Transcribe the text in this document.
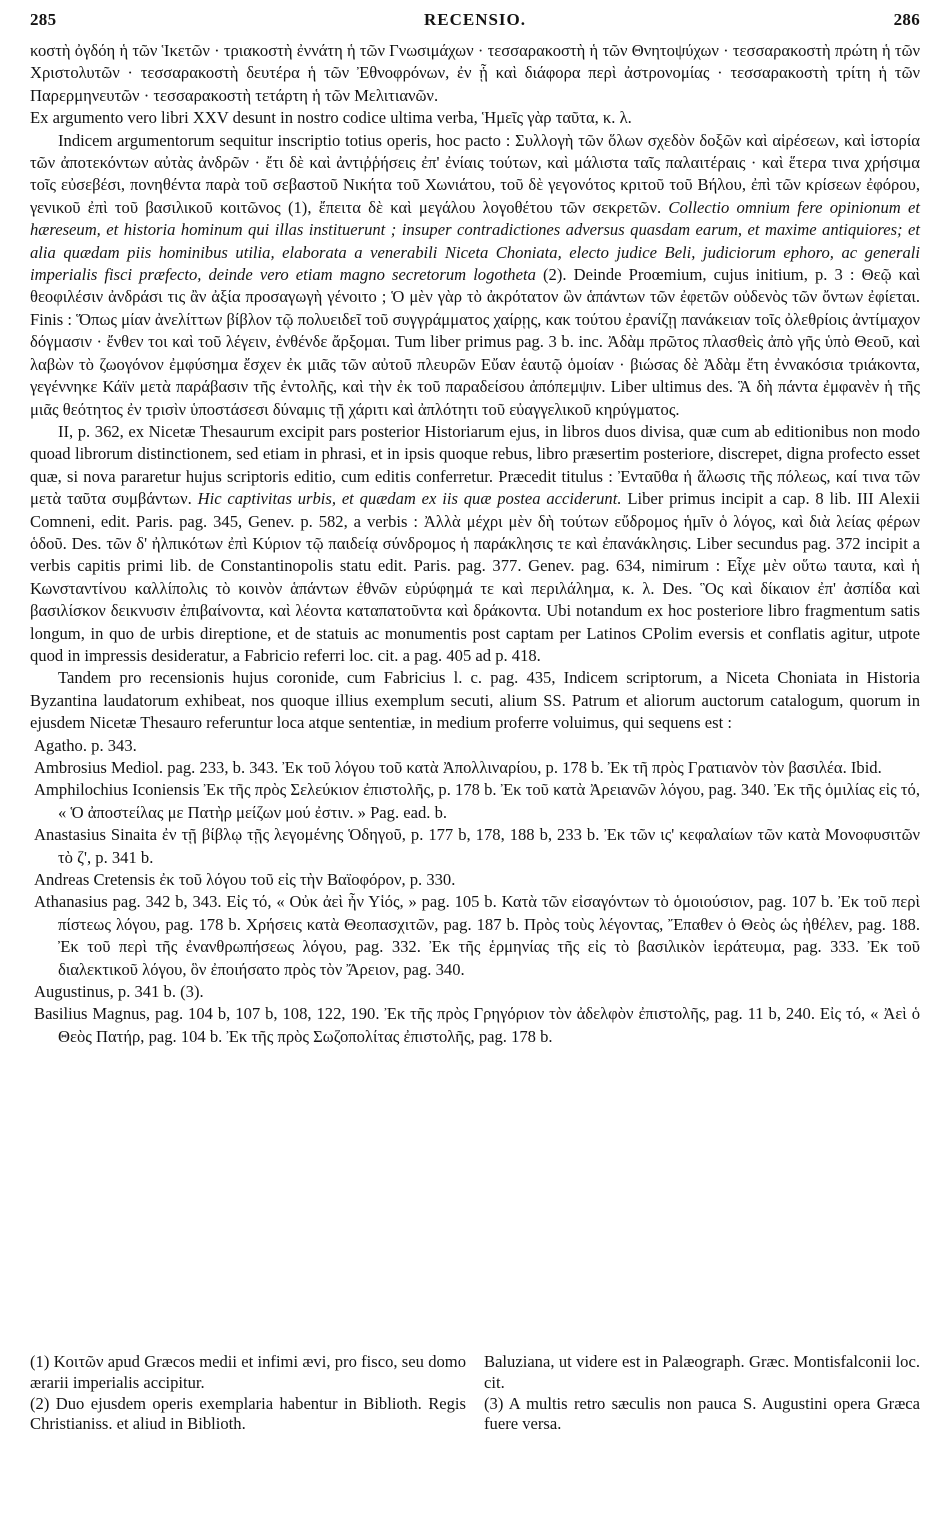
285	RECENSIO.	286

κοστὴ ὀγδόη ἡ τῶν Ἱκετῶν · τριακοστὴ ἐννάτη ἡ τῶν Γνωσιμάχων · τεσσαρακοστὴ ἡ τῶν Θνητοψύχων · τεσσαρακοστὴ πρώτη ἡ τῶν Χριστολυτῶν · τεσσαρακοστὴ δευτέρα ἡ τῶν Ἐθνοφρόνων, ἐν ᾗ καὶ διάφορα περὶ ἀστρονομίας · τεσσαρακοστὴ τρίτη ἡ τῶν Παρερμηνευτῶν · τεσσαρακοστὴ τετάρτη ἡ τῶν Μελιτιανῶν.

Ex argumento vero libri XXV desunt in nostro codice ultima verba, Ἡμεῖς γὰρ ταῦτα, κ. λ.

Indicem argumentorum sequitur inscriptio totius operis, hoc pacto : Συλλογὴ τῶν ὅλων σχεδὸν δοξῶν καὶ αἱρέσεων, καὶ ἱστορία τῶν ἀποτεκόντων αὐτὰς ἀνδρῶν · ἔτι δὲ καὶ ἀντιῤῥήσεις ἐπ' ἐνίαις τούτων, καὶ μάλιστα ταῖς παλαιτέραις · καὶ ἕτερα τινα χρήσιμα τοῖς εὐσεβέσι, πονηθέντα παρὰ τοῦ σεβαστοῦ Νικήτα τοῦ Χωνιάτου, τοῦ δὲ γεγονότος κριτοῦ τοῦ Βήλου, ἐπὶ τῶν κρίσεων ἐφόρου, γενικοῦ ἐπὶ τοῦ βασιλικοῦ κοιτῶνος (1), ἔπειτα δὲ καὶ μεγάλου λογοθέτου τῶν σεκρετῶν. Collectio omnium fere opinionum et hæreseum, et historia hominum qui illas instituerunt ; insuper contradictiones adversus quasdam earum, et maxime antiquiores; et alia quædam piis hominibus utilia, elaborata a venerabili Niceta Choniata, electo judice Beli, judiciorum ephoro, ac generali imperialis fisci præfecto, deinde vero etiam magno secretorum logotheta (2). Deinde Proœmium, cujus initium, p. 3 : Θεῷ καὶ θεοφιλέσιν ἀνδράσι τις ἂν ἀξία προσαγωγὴ γένοιτο ; Ὁ μὲν γὰρ τὸ ἀκρότατον ὢν ἁπάντων τῶν ἐφετῶν οὐδενὸς τῶν ὄντων ἐφίεται. Finis : Ὅπως μίαν ἀνελίττων βίβλον τῷ πολυειδεῖ τοῦ συγγράμματος χαίρῃς, κακ τούτου ἐρανίζῃ πανάκειαν τοῖς ὀλεθρίοις ἀντίμαχον δόγμασιν · ἔνθεν τοι καὶ τοῦ λέγειν, ἐνθένδε ἄρξομαι. Tum liber primus pag. 3 b. inc. Ἀδὰμ πρῶτος πλασθεὶς ἀπὸ γῆς ὑπὸ Θεοῦ, καὶ λαβὼν τὸ ζωογόνον ἐμφύσημα ἔσχεν ἐκ μιᾶς τῶν αὐτοῦ πλευρῶν Εὔαν ἑαυτῷ ὁμοίαν · βιώσας δὲ Ἀδὰμ ἔτη ἐννακόσια τριάκοντα, γεγέννηκε Κάϊν μετὰ παράβασιν τῆς ἐντολῆς, καὶ τὴν ἐκ τοῦ παραδείσου ἀπόπεμψιν. Liber ultimus des. Ἃ δὴ πάντα ἐμφανὲν ἡ τῆς μιᾶς θεότητος ἐν τρισὶν ὑποστάσεσι δύναμις τῇ χάριτι καὶ ἀπλότητι τοῦ εὐαγγελικοῦ κηρύγματος.

II, p. 362, ex Nicetæ Thesaurum excipit pars posterior Historiarum ejus, in libros duos divisa, quæ cum ab editionibus non modo quoad librorum distinctionem, sed etiam in phrasi, et in ipsis quoque rebus, libro præsertim posteriore, discrepet, digna profecto esset quæ, si nova pararetur hujus scriptoris editio, cum editis conferretur. Præcedit titulus : Ἐνταῦθα ἡ ἅλωσις τῆς πόλεως, καί τινα τῶν μετὰ ταῦτα συμβάντων. Hic captivitas urbis, et quædam ex iis quæ postea acciderunt. Liber primus incipit a cap. 8 lib. III Alexii Comneni, edit. Paris. pag. 345, Genev. p. 582, a verbis : Ἀλλὰ μέχρι μὲν δὴ τούτων εὔδρομος ἡμῖν ὁ λόγος, καὶ διὰ λείας φέρων ὁδοῦ. Des. τῶν δ' ἠλπικότων ἐπὶ Κύριον τῷ παιδείᾳ σύνδρομος ἡ παράκλησις τε καὶ ἐπανάκλησις. Liber secundus pag. 372 incipit a verbis capitis primi lib. de Constantinopolis statu edit. Paris. pag. 377. Genev. pag. 634, nimirum : Εἶχε μὲν οὕτω ταυτα, καὶ ἡ Κωνσταντίνου καλλίπολις τὸ κοινὸν ἁπάντων ἐθνῶν εὐρύφημά τε καὶ περιλάλημα, κ. λ. Des. Ὃς καὶ δίκαιον ἐπ' ἀσπίδα καὶ βασιλίσκον δεικνυσιν ἐπιβαίνοντα, καὶ λέοντα καταπατοῦντα καὶ δράκοντα. Ubi notandum ex hoc posteriore libro fragmentum satis longum, in quo de urbis direptione, et de statuis ac monumentis post captam per Latinos CPolim eversis et conflatis agitur, utpote quod in impressis desideratur, a Fabricio referri loc. cit. a pag. 405 ad p. 418.

Tandem pro recensionis hujus coronide, cum Fabricius l. c. pag. 435, Indicem scriptorum, a Niceta Choniata in Historia Byzantina laudatorum exhibeat, nos quoque illius exemplum secuti, alium SS. Patrum et aliorum auctorum catalogum, quorum in ejusdem Nicetæ Thesauro referuntur loca atque sententiæ, in medium proferre voluimus, qui sequens est :

Agatho. p. 343.

Ambrosius Mediol. pag. 233, b. 343. Ἐκ τοῦ λόγου τοῦ κατὰ Ἀπολλιναρίου, p. 178 b. Ἐκ τῆ πρὸς Γρατιανὸν τὸν βασιλέα. Ibid.

Amphilochius Iconiensis Ἐκ τῆς πρὸς Σελεύκιον ἐπιστολῆς, p. 178 b. Ἐκ τοῦ κατὰ Ἀρειανῶν λόγου, pag. 340. Ἐκ τῆς ὁμιλίας εἰς τό, « Ὁ ἀποστείλας με Πατὴρ μείζων μού ἐστιν. » Pag. ead. b.

Anastasius Sinaita ἐν τῇ βίβλῳ τῇς λεγομένης Ὁδηγοῦ, p. 177 b, 178, 188 b, 233 b. Ἐκ τῶν ις' κεφαλαίων τῶν κατὰ Μονοφυσιτῶν τὸ ζ', p. 341 b.

Andreas Cretensis ἐκ τοῦ λόγου τοῦ εἰς τὴν Βαϊοφόρον, p. 330.

Athanasius pag. 342 b, 343. Εἰς τό, « Οὐκ ἀεὶ ἦν Υἱός, » pag. 105 b. Κατὰ τῶν εἰσαγόντων τὸ ὁμοιούσιον, pag. 107 b. Ἐκ τοῦ περὶ πίστεως λόγου, pag. 178 b. Χρήσεις κατὰ Θεοπασχιτῶν, pag. 187 b. Πρὸς τοὺς λέγοντας, Ἔπαθεν ὁ Θεὸς ὡς ἠθέλεν, pag. 188. Ἐκ τοῦ περὶ τῆς ἐνανθρωπήσεως λόγου, pag. 332. Ἐκ τῆς ἑρμηνίας τῆς εἰς τὸ βασιλικὸν ἱεράτευμα, pag. 333. Ἐκ τοῦ διαλεκτικοῦ λόγου, ὃν ἐποιήσατο πρὸς τὸν Ἄρειον, pag. 340.

Augustinus, p. 341 b. (3).

Basilius Magnus, pag. 104 b, 107 b, 108, 122, 190. Ἐκ τῆς πρὸς Γρηγόριον τὸν ἀδελφὸν ἐπιστολῆς, pag. 11 b, 240. Εἰς τό, « Ἀεὶ ὁ Θεὸς Πατήρ, pag. 104 b. Ἐκ τῆς πρὸς Σωζοπολίτας ἐπιστολῆς, pag. 178 b.

(1) Κοιτῶν apud Græcos medii et infimi ævi, pro fisco, seu domo ærarii imperialis accipitur.

(2) Duo ejusdem operis exemplaria habentur in Biblioth. Regis Christianiss. et aliud in Biblioth.

Baluziana, ut videre est in Palæograph. Græc. Montisfalconii loc. cit.

(3) A multis retro sæculis non pauca S. Augustini opera Græca fuere versa.
